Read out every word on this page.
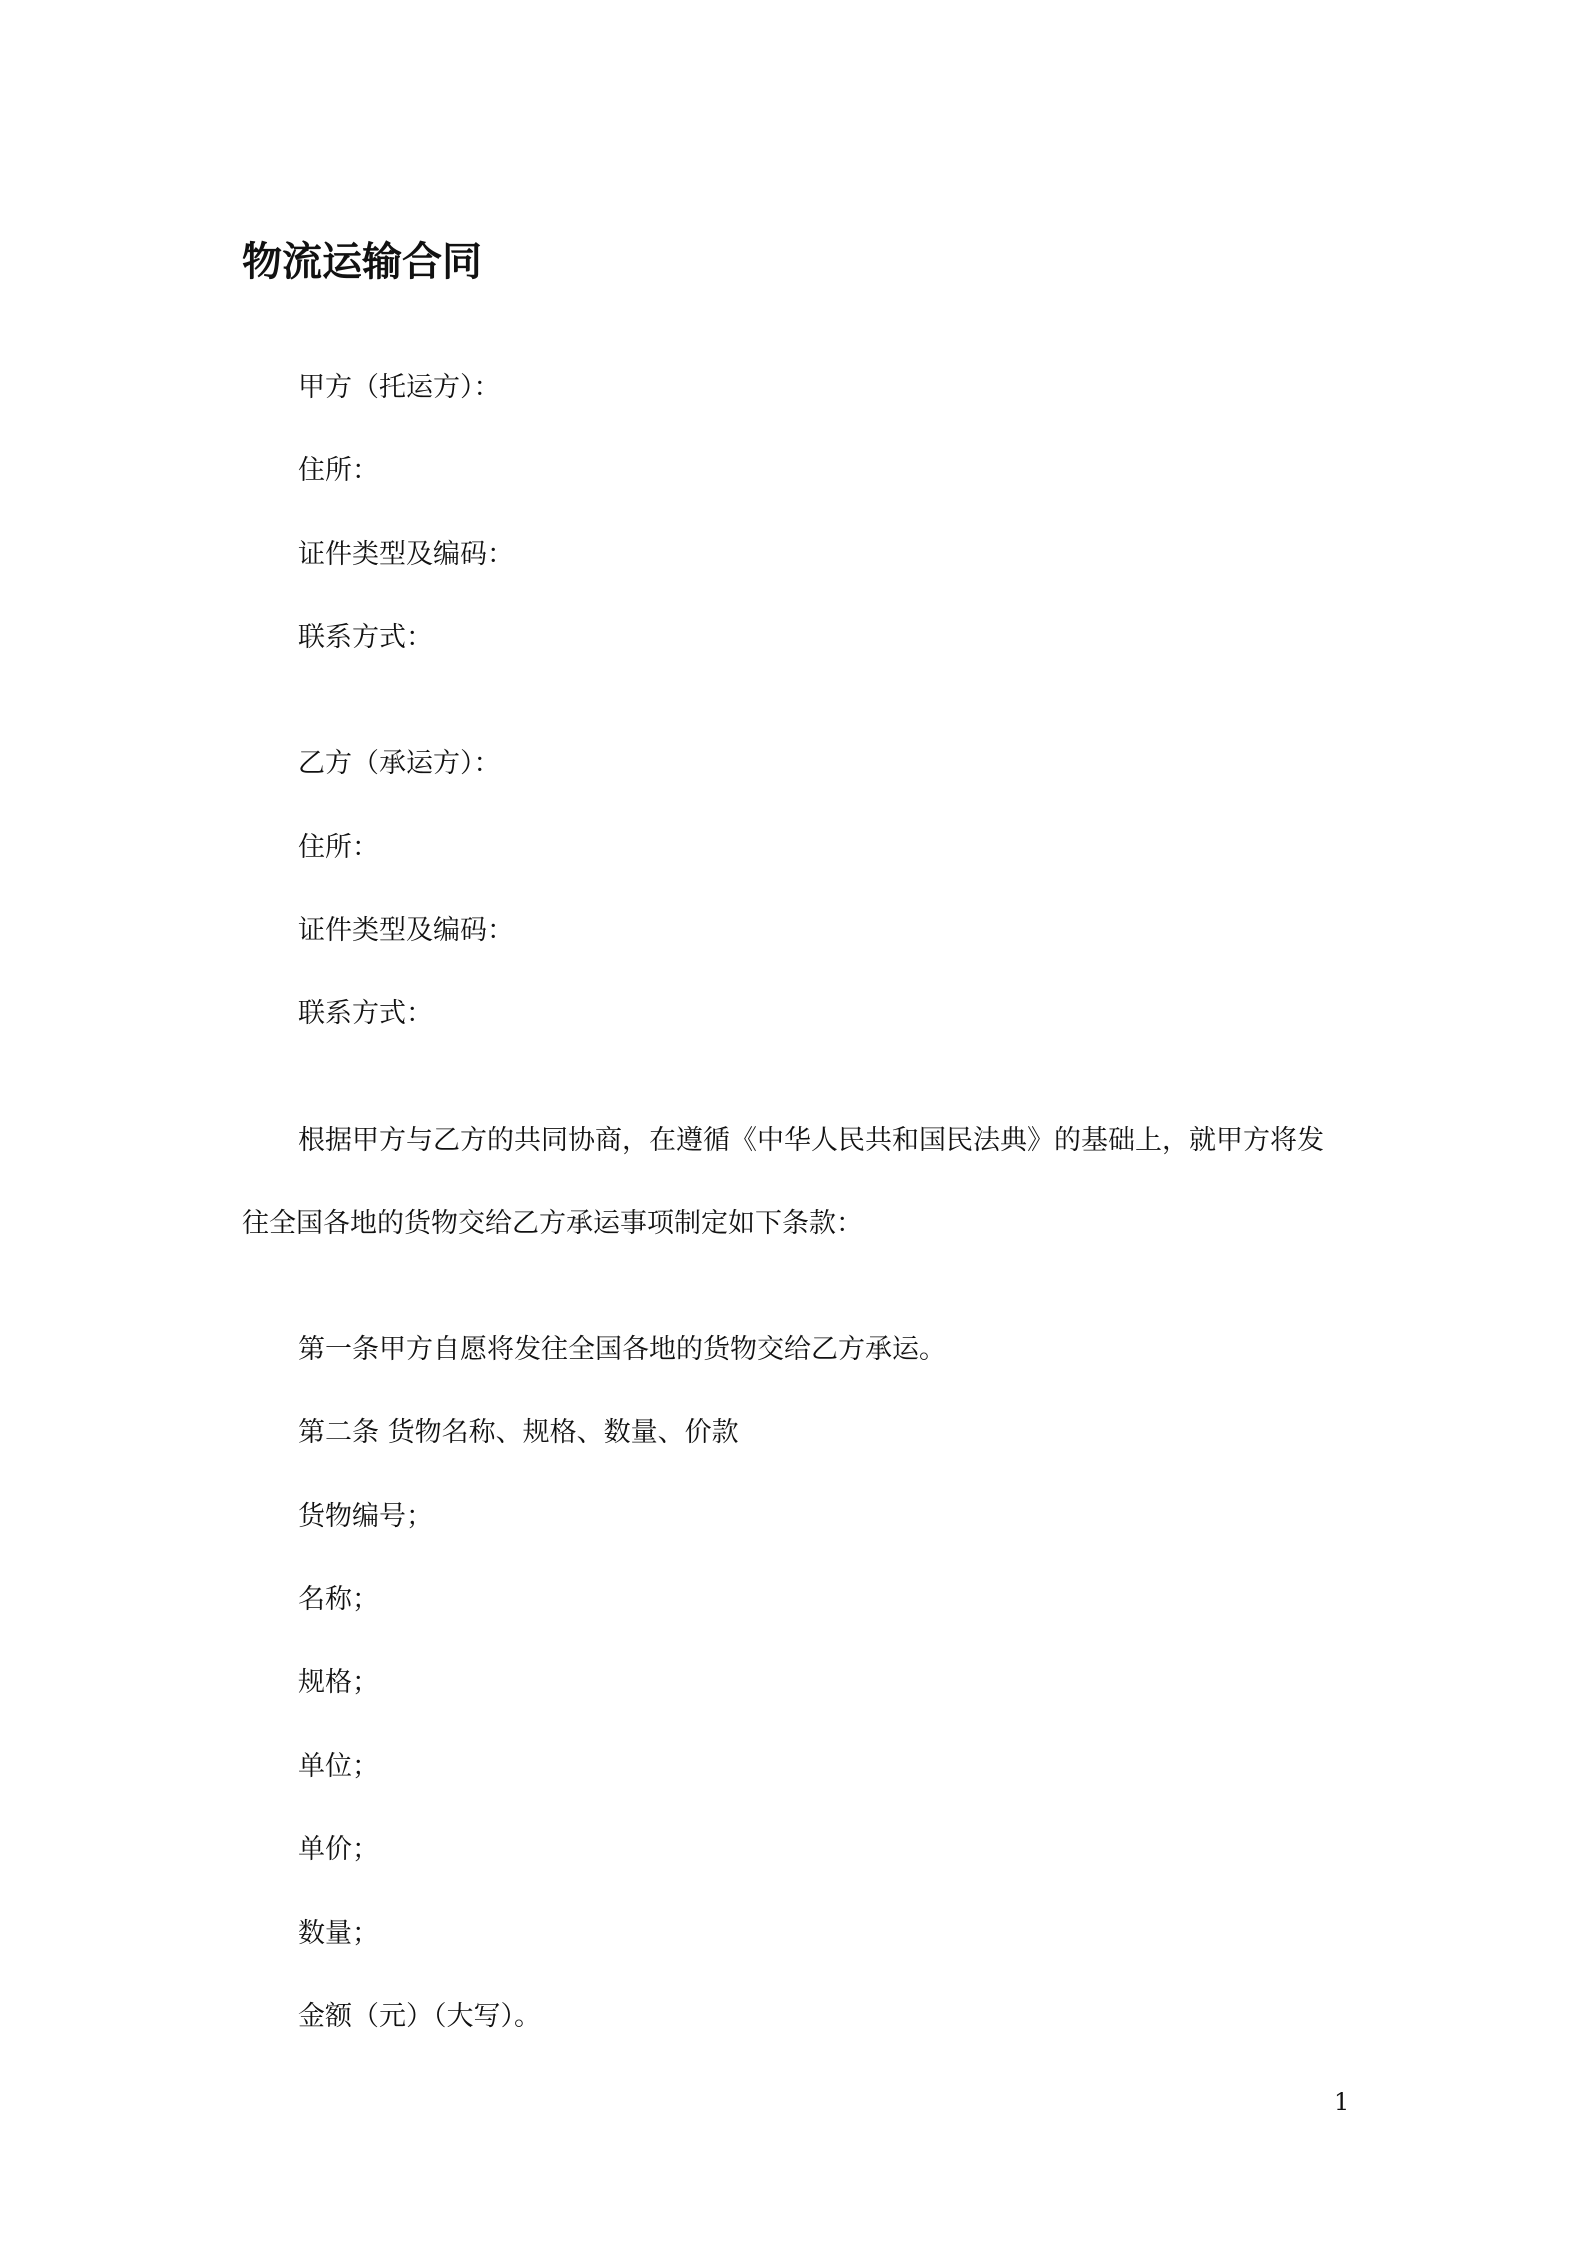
物流运输合同
甲方（托运方）：
住所：
证件类型及编码：
联系方式：
乙方（承运方）：
住所：
证件类型及编码：
联系方式：
根据甲方与乙方的共同协商，在遵循《中华人民共和国民法典》的基础上，就甲方将发
往全国各地的货物交给乙方承运事项制定如下条款：
第一条甲方自愿将发往全国各地的货物交给乙方承运。
第二条 货物名称、规格、数量、价款
货物编号；
名称；
规格；
单位；
单价；
数量；
金额（元）（大写）。
1
